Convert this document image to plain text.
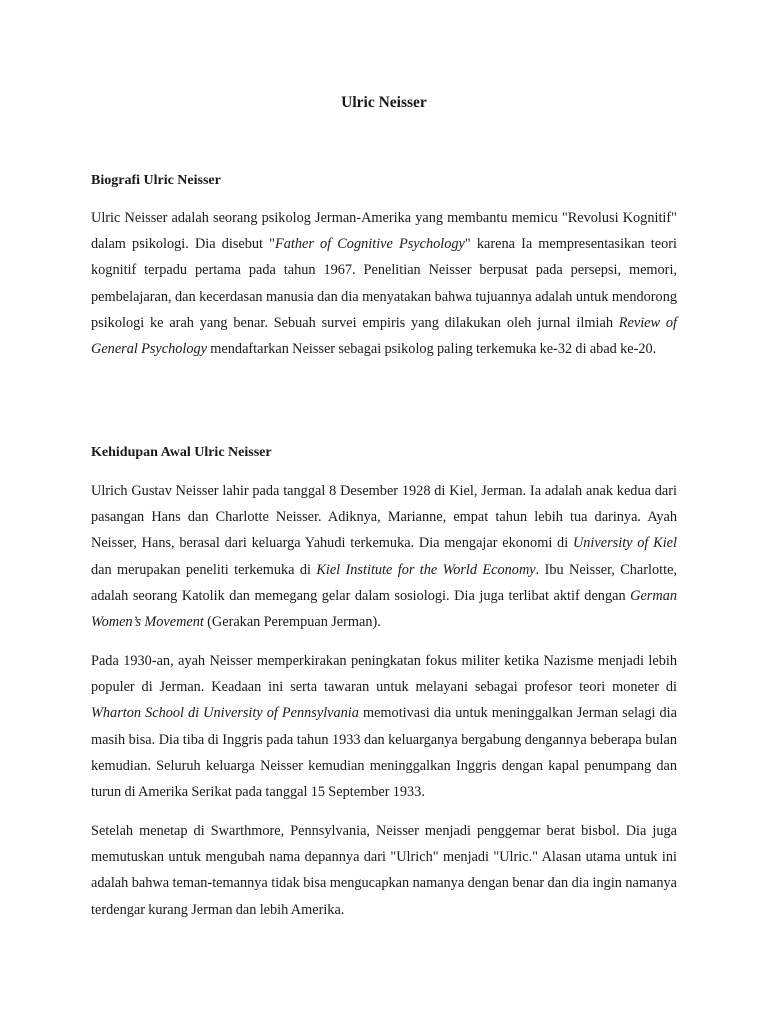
Ulric Neisser
Biografi Ulric Neisser

Ulric Neisser adalah seorang psikolog Jerman-Amerika yang membantu memicu "Revolusi Kognitif" dalam psikologi. Dia disebut "Father of Cognitive Psychology" karena Ia mempresentasikan teori kognitif terpadu pertama pada tahun 1967. Penelitian Neisser berpusat pada persepsi, memori, pembelajaran, dan kecerdasan manusia dan dia menyatakan bahwa tujuannya adalah untuk mendorong psikologi ke arah yang benar. Sebuah survei empiris yang dilakukan oleh jurnal ilmiah Review of General Psychology mendaftarkan Neisser sebagai psikolog paling terkemuka ke-32 di abad ke-20.

Kehidupan Awal Ulric Neisser

Ulrich Gustav Neisser lahir pada tanggal 8 Desember 1928 di Kiel, Jerman. Ia adalah anak kedua dari pasangan Hans dan Charlotte Neisser. Adiknya, Marianne, empat tahun lebih tua darinya. Ayah Neisser, Hans, berasal dari keluarga Yahudi terkemuka. Dia mengajar ekonomi di University of Kiel dan merupakan peneliti terkemuka di Kiel Institute for the World Economy. Ibu Neisser, Charlotte, adalah seorang Katolik dan memegang gelar dalam sosiologi. Dia juga terlibat aktif dengan German Women’s Movement (Gerakan Perempuan Jerman).

Pada 1930-an, ayah Neisser memperkirakan peningkatan fokus militer ketika Nazisme menjadi lebih populer di Jerman. Keadaan ini serta tawaran untuk melayani sebagai profesor teori moneter di Wharton School di University of Pennsylvania memotivasi dia untuk meninggalkan Jerman selagi dia masih bisa. Dia tiba di Inggris pada tahun 1933 dan keluarganya bergabung dengannya beberapa bulan kemudian. Seluruh keluarga Neisser kemudian meninggalkan Inggris dengan kapal penumpang dan turun di Amerika Serikat pada tanggal 15 September 1933.

Setelah menetap di Swarthmore, Pennsylvania, Neisser menjadi penggemar berat bisbol. Dia juga memutuskan untuk mengubah nama depannya dari "Ulrich" menjadi "Ulric." Alasan utama untuk ini adalah bahwa teman-temannya tidak bisa mengucapkan namanya dengan benar dan dia ingin namanya terdengar kurang Jerman dan lebih Amerika.
